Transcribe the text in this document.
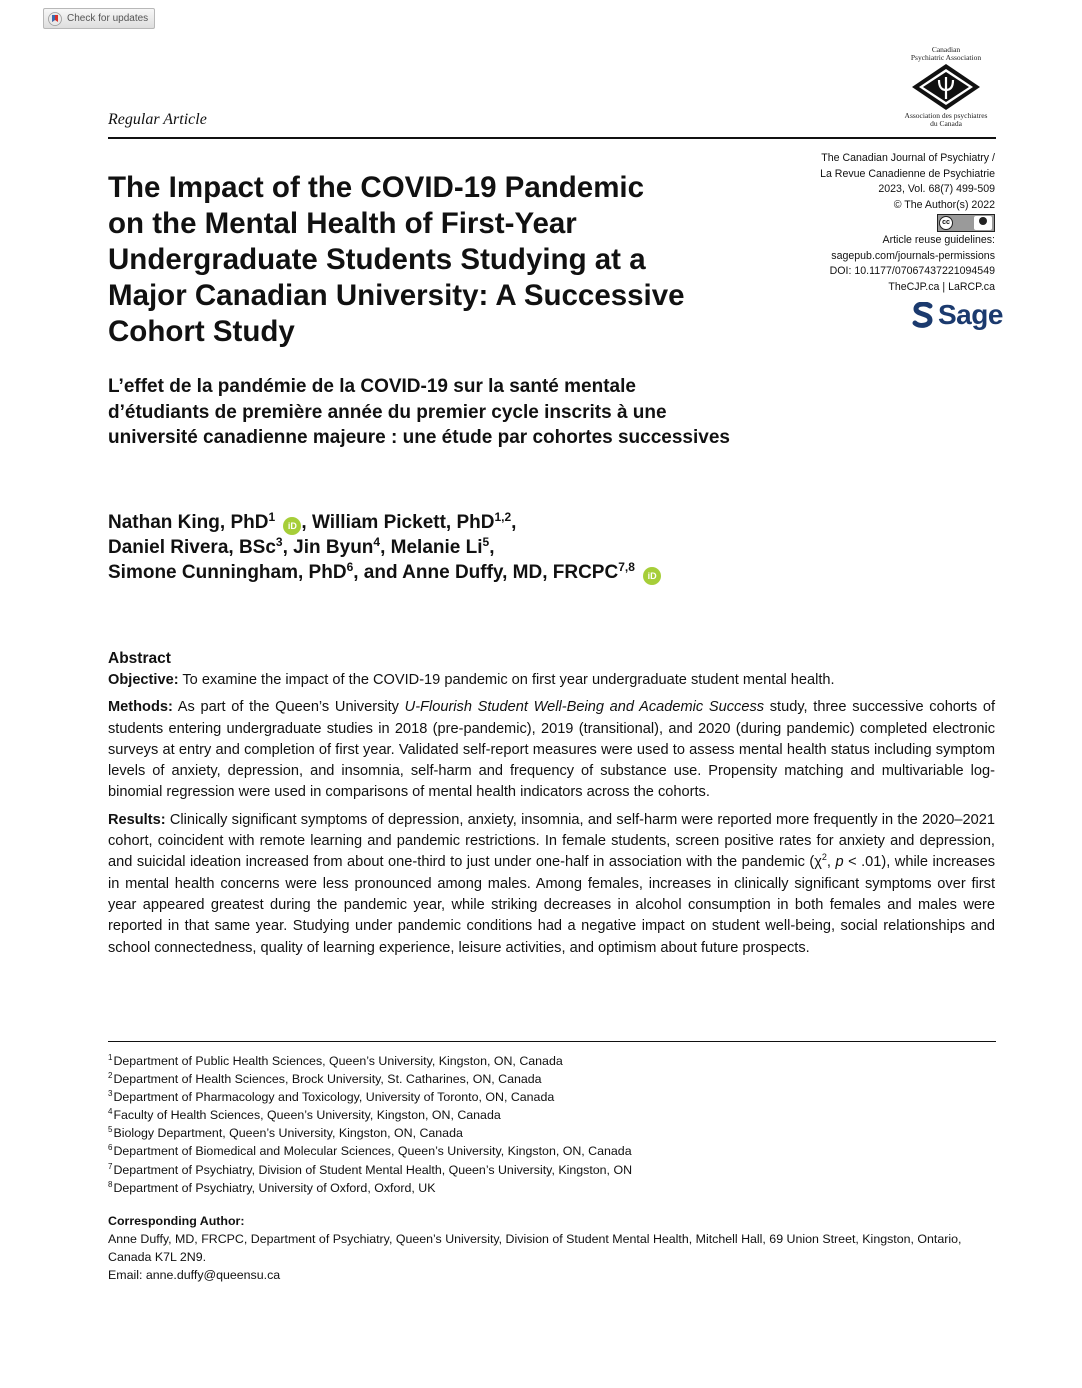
Check for updates
Canadian
Psychiatric Association
Association des psychiatres
du Canada
Regular Article
The Canadian Journal of Psychiatry /
La Revue Canadienne de Psychiatrie
2023, Vol. 68(7) 499-509
© The Author(s) 2022
cc
Article reuse guidelines:
sagepub.com/journals-permissions
DOI: 10.1177/07067437221094549
TheCJP.ca | LaRCP.ca
Sage
The Impact of the COVID-19 Pandemic
on the Mental Health of First-Year
Undergraduate Students Studying at a
Major Canadian University: A Successive
Cohort Study
L’effet de la pandémie de la COVID-19 sur la santé mentale
d’étudiants de première année du premier cycle inscrits à une
université canadienne majeure : une étude par cohortes successives
Nathan King, PhD$^1$ iD , William Pickett, PhD$^{1,2}$,
Daniel Rivera, BSc$^3$, Jin Byun$^4$, Melanie Li$^5$,
Simone Cunningham, PhD$^6$, and Anne Duffy, MD, FRCPC$^{7,8}$ iD
Abstract

Objective: To examine the impact of the COVID-19 pandemic on first year undergraduate student mental health.

Methods: As part of the Queen’s University U-Flourish Student Well-Being and Academic Success study, three successive cohorts of students entering undergraduate studies in 2018 (pre-pandemic), 2019 (transitional), and 2020 (during pandemic) completed electronic surveys at entry and completion of first year. Validated self-report measures were used to assess mental health status including symptom levels of anxiety, depression, and insomnia, self-harm and frequency of substance use. Propensity matching and multivariable log-binomial regression were used in comparisons of mental health indicators across the cohorts.

Results: Clinically significant symptoms of depression, anxiety, insomnia, and self-harm were reported more frequently in the 2020–2021 cohort, coincident with remote learning and pandemic restrictions. In female students, screen positive rates for anxiety and depression, and suicidal ideation increased from about one-third to just under one-half in association with the pandemic ($\chi^2$, p < .01), while increases in mental health concerns were less pronounced among males. Among females, increases in clinically significant symptoms over first year appeared greatest during the pandemic year, while striking decreases in alcohol consumption in both females and males were reported in that same year. Studying under pandemic conditions had a negative impact on student well-being, social relationships and school connectedness, quality of learning experience, leisure activities, and optimism about future prospects.

$^1$Department of Public Health Sciences, Queen’s University, Kingston, ON, Canada
$^2$Department of Health Sciences, Brock University, St. Catharines, ON, Canada
$^3$Department of Pharmacology and Toxicology, University of Toronto, ON, Canada
$^4$Faculty of Health Sciences, Queen’s University, Kingston, ON, Canada
$^5$Biology Department, Queen’s University, Kingston, ON, Canada
$^6$Department of Biomedical and Molecular Sciences, Queen’s University, Kingston, ON, Canada
$^7$Department of Psychiatry, Division of Student Mental Health, Queen’s University, Kingston, ON
$^8$Department of Psychiatry, University of Oxford, Oxford, UK
Corresponding Author:
Anne Duffy, MD, FRCPC, Department of Psychiatry, Queen’s University, Division of Student Mental Health, Mitchell Hall, 69 Union Street, Kingston, Ontario, Canada K7L 2N9.
Email: anne.duffy@queensu.ca
